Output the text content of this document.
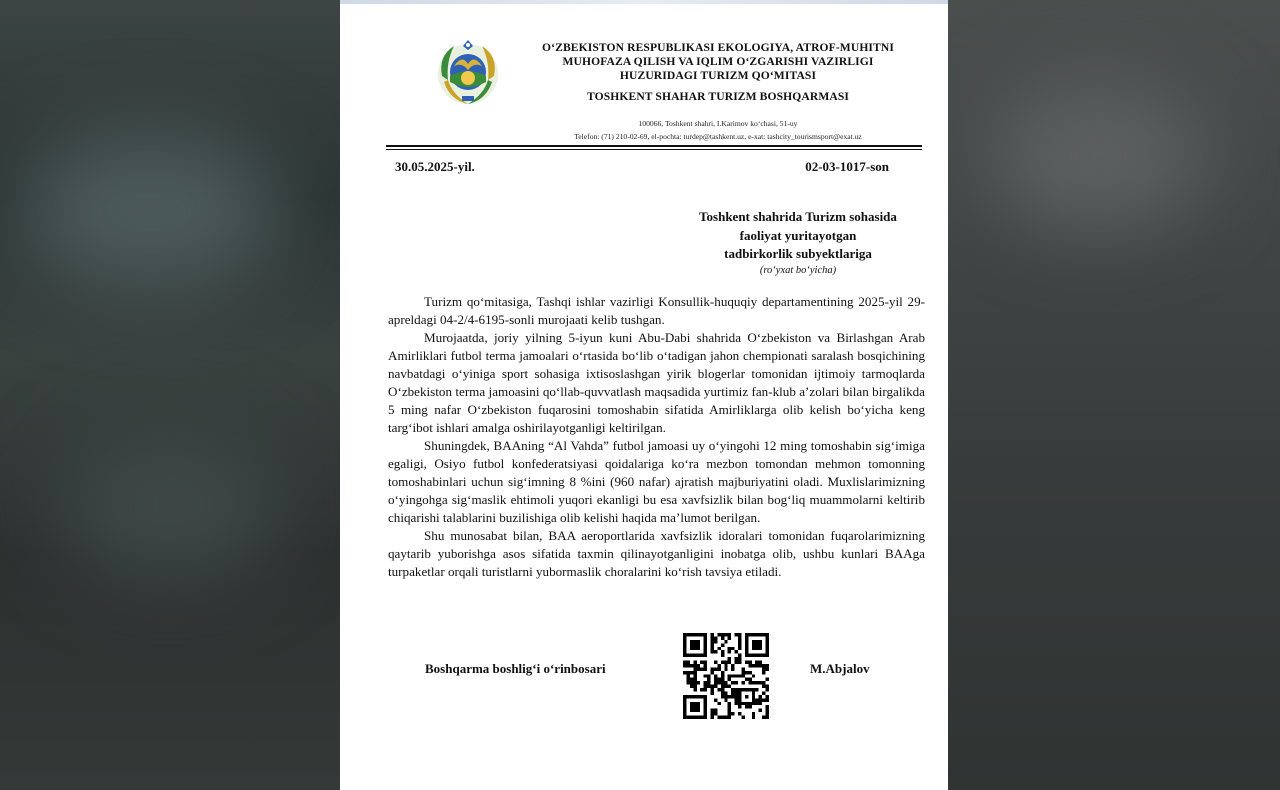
O‘ZBEKISTON RESPUBLIKASI EKOLOGIYA, ATROF-MUHITNI
MUHOFAZA QILISH VA IQLIM O‘ZGARISHI VAZIRLIGI
HUZURIDAGI TURIZM QO‘MITASI
TOSHKENT SHAHAR TURIZM BOSHQARMASI
100066, Toshkent shahri, I.Karimov ko‘chasi, 51-uy
Telefon: (71) 210-02-69, el-pochta: turdep@tashkent.uz, e-xat: tashcity_tourismsport@exat.uz
30.05.2025-yil.	02-03-1017-son
Toshkent shahrida Turizm sohasida
faoliyat yuritayotgan
tadbirkorlik subyektlariga
(ro‘yxat bo‘yicha)

Turizm qo‘mitasiga, Tashqi ishlar vazirligi Konsullik-huquqiy departamentining 2025-yil 29-apreldagi 04-2/4-6195-sonli murojaati kelib tushgan.

Murojaatda, joriy yilning 5-iyun kuni Abu-Dabi shahrida O‘zbekiston va Birlashgan Arab Amirliklari futbol terma jamoalari o‘rtasida bo‘lib o‘tadigan jahon chempionati saralash bosqichining navbatdagi o‘yiniga sport sohasiga ixtisoslashgan yirik blogerlar tomonidan ijtimoiy tarmoqlarda O‘zbekiston terma jamoasini qo‘llab-quvvatlash maqsadida yurtimiz fan-klub a’zolari bilan birgalikda 5 ming nafar O‘zbekiston fuqarosini tomoshabin sifatida Amirliklarga olib kelish bo‘yicha keng targ‘ibot ishlari amalga oshirilayotganligi keltirilgan.

Shuningdek, BAAning “Al Vahda” futbol jamoasi uy o‘yingohi 12 ming tomoshabin sig‘imiga egaligi, Osiyo futbol konfederatsiyasi qoidalariga ko‘ra mezbon tomondan mehmon tomonning tomoshabinlari uchun sig‘imning 8 %ini (960 nafar) ajratish majburiyatini oladi. Muxlislarimizning o‘yingohga sig‘maslik ehtimoli yuqori ekanligi bu esa xavfsizlik bilan bog‘liq muammolarni keltirib chiqarishi talablarini buzilishiga olib kelishi haqida ma’lumot berilgan.

Shu munosabat bilan, BAA aeroportlarida xavfsizlik idoralari tomonidan fuqarolarimizning qaytarib yuborishga asos sifatida taxmin qilinayotganligini inobatga olib, ushbu kunlari BAAga turpaketlar orqali turistlarni yubormaslik choralarini ko‘rish tavsiya etiladi.

Boshqarma boshlig‘i o‘rinbosari	M.Abjalov
